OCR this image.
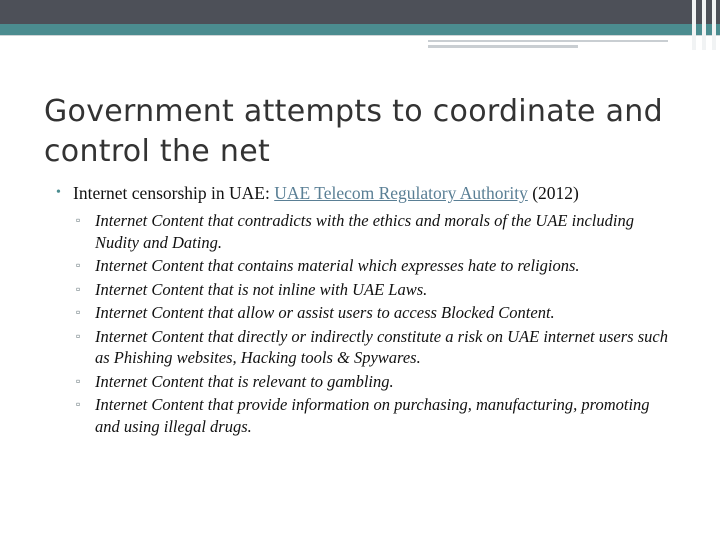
Government attempts to coordinate and control the net
• Internet censorship in UAE: UAE Telecom Regulatory Authority (2012)
▫ Internet Content that contradicts with the ethics and morals of the UAE including Nudity and Dating.
▫ Internet Content that contains material which expresses hate to religions.
▫ Internet Content that is not inline with UAE Laws.
▫ Internet Content that allow or assist users to access Blocked Content.
▫ Internet Content that directly or indirectly constitute a risk on UAE internet users such as Phishing websites, Hacking tools & Spywares.
▫ Internet Content that is relevant to gambling.
▫ Internet Content that provide information on purchasing, manufacturing, promoting and using illegal drugs.
